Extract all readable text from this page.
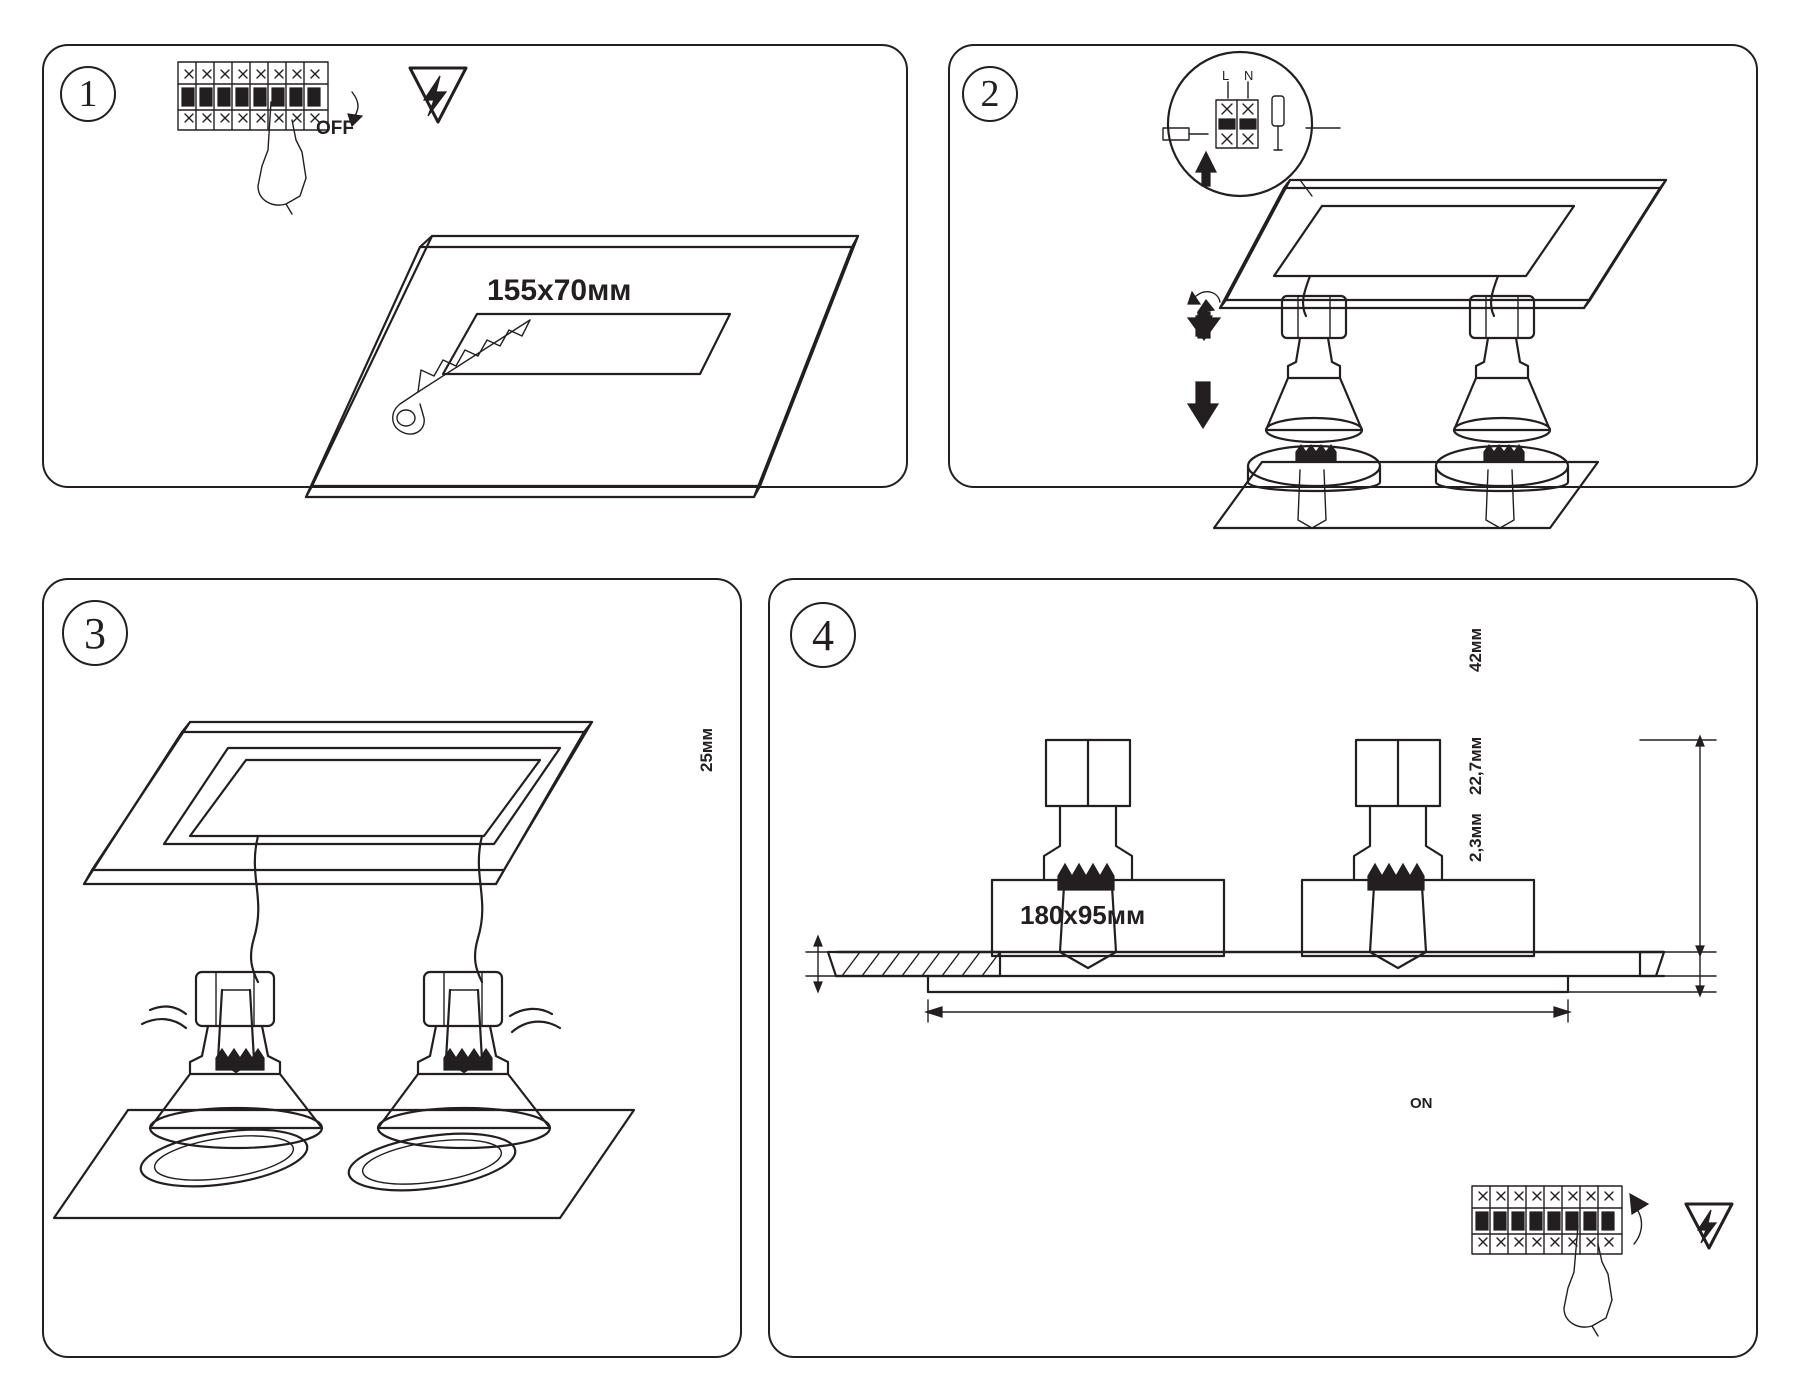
1
OFF
155x70мм
2	L N
3	4
180x95мм
42мм
22,7мм
2,3мм
25мм
ON
